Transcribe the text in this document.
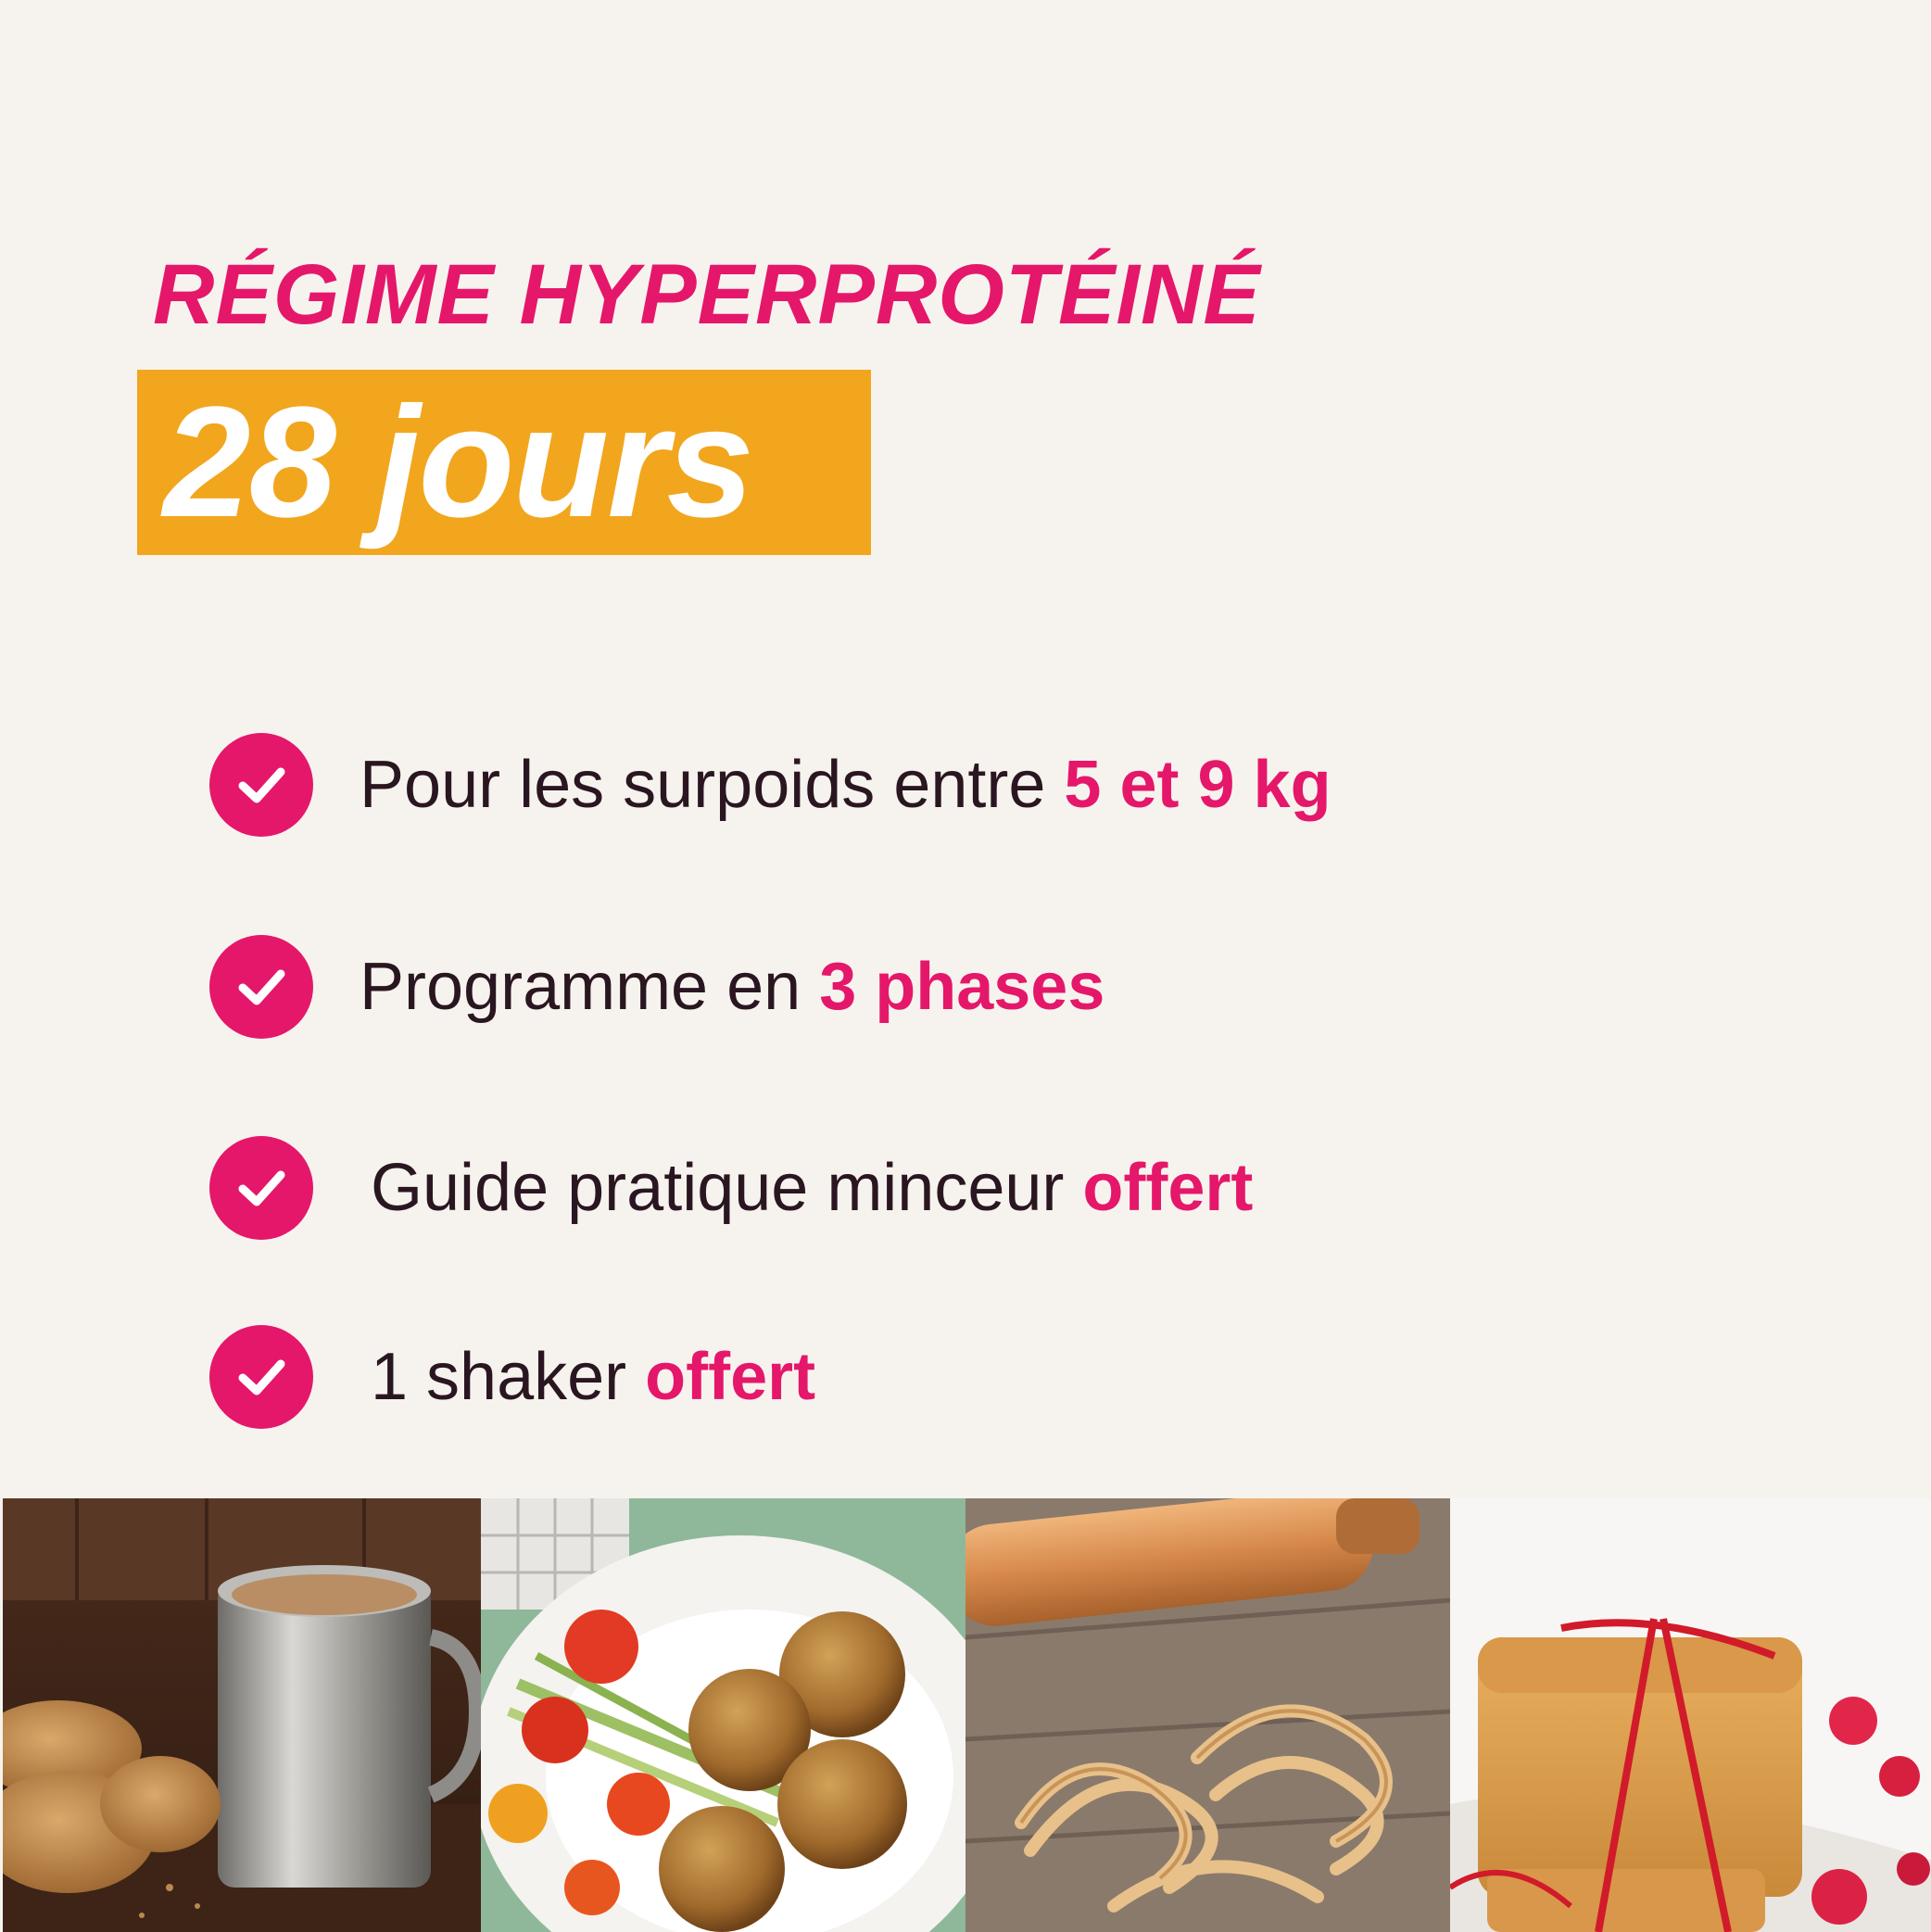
RÉGIME HYPERPROTÉINÉ
28 jours
Pour les surpoids entre 5 et 9 kg
Programme en 3 phases
Guide pratique minceur offert
1 shaker offert
